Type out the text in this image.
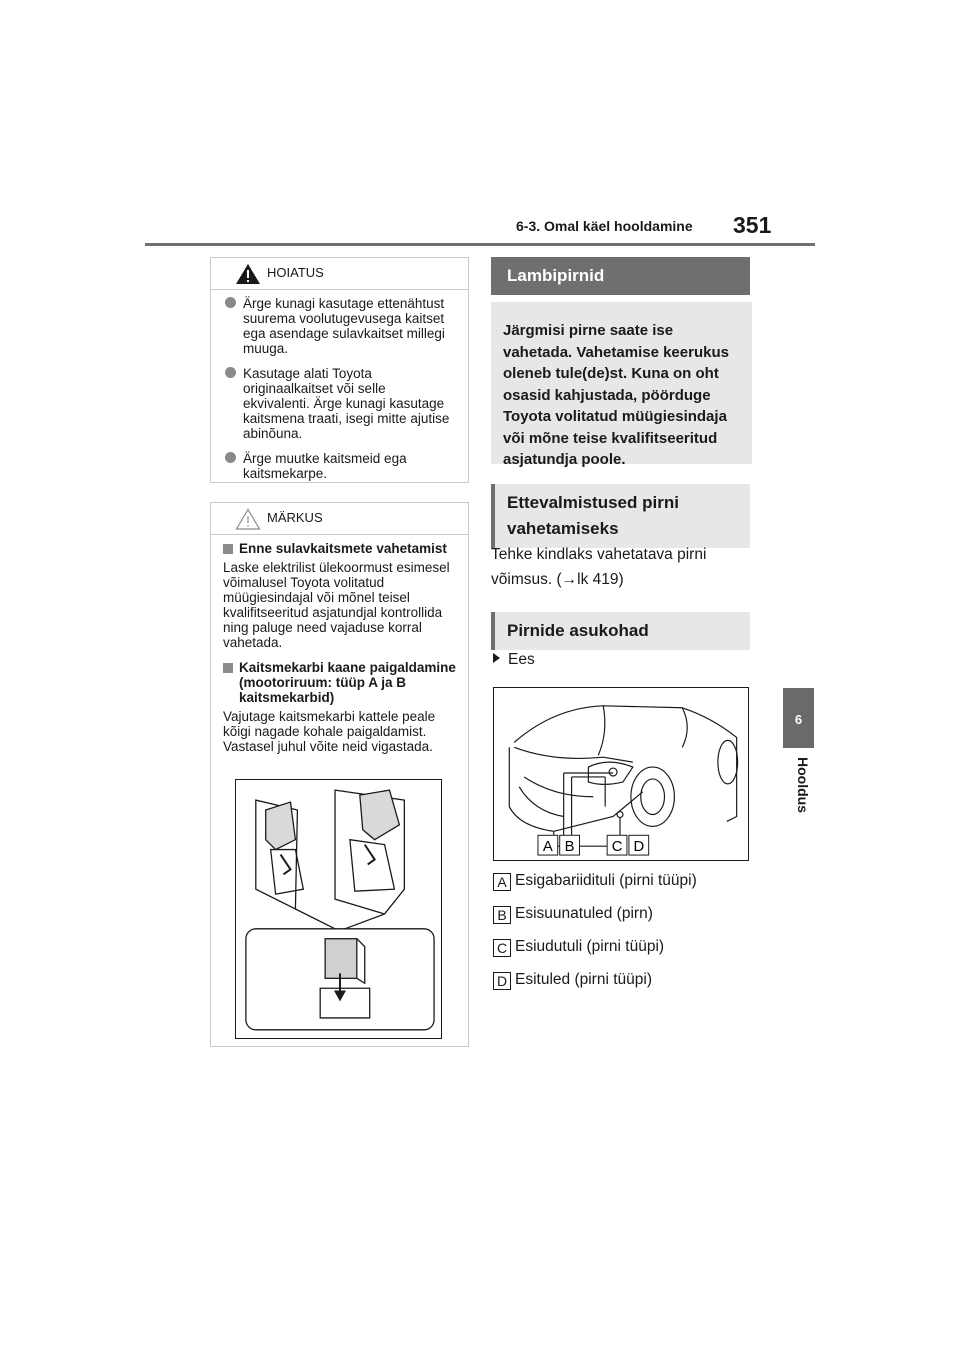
6-3. Omal käel hooldamine 351
6
Hooldus
HOIATUS
Ärge kunagi kasutage ettenähtust suurema voolutugevusega kaitset ega asendage sulavkaitset millegi muuga.
Kasutage alati Toyota originaalkaitset või selle ekvivalenti. Ärge kunagi kasutage kaitsmena traati, isegi mitte ajutise abinõuna.
Ärge muutke kaitsmeid ega kaitsmekarpe.
MÄRKUS
Enne sulavkaitsmete vahetamist
Laske elektrilist ülekoormust esimesel võimalusel Toyota volitatud müügiesindajal või mõnel teisel kvalifitseeritud asjatundjal kontrollida ning paluge need vajaduse korral vahetada.
Kaitsmekarbi kaane paigaldamine (mootoriruum: tüüp A ja B kaitsmekarbid)
Vajutage kaitsmekarbi kattele peale kõigi nagade kohale paigaldamist. Vastasel juhul võite neid vigastada.
Lambipirnid
Järgmisi pirne saate ise vahetada. Vahetamise keerukus oleneb tule(de)st. Kuna on oht osasid kahjustada, pöörduge Toyota volitatud müügiesindaja või mõne teise kvalifitseeritud asjatundja poole.
Ettevalmistused pirni vahetamiseks
Tehke kindlaks vahetatava pirni
võimsus. (→lk 419)
Pirnide asukohad
Ees
A B C D
A Esigabariidituli (pirni tüüpi)
B Esisuunatuled (pirn)
C Esiudutuli (pirni tüüpi)
D Esituled (pirni tüüpi)
